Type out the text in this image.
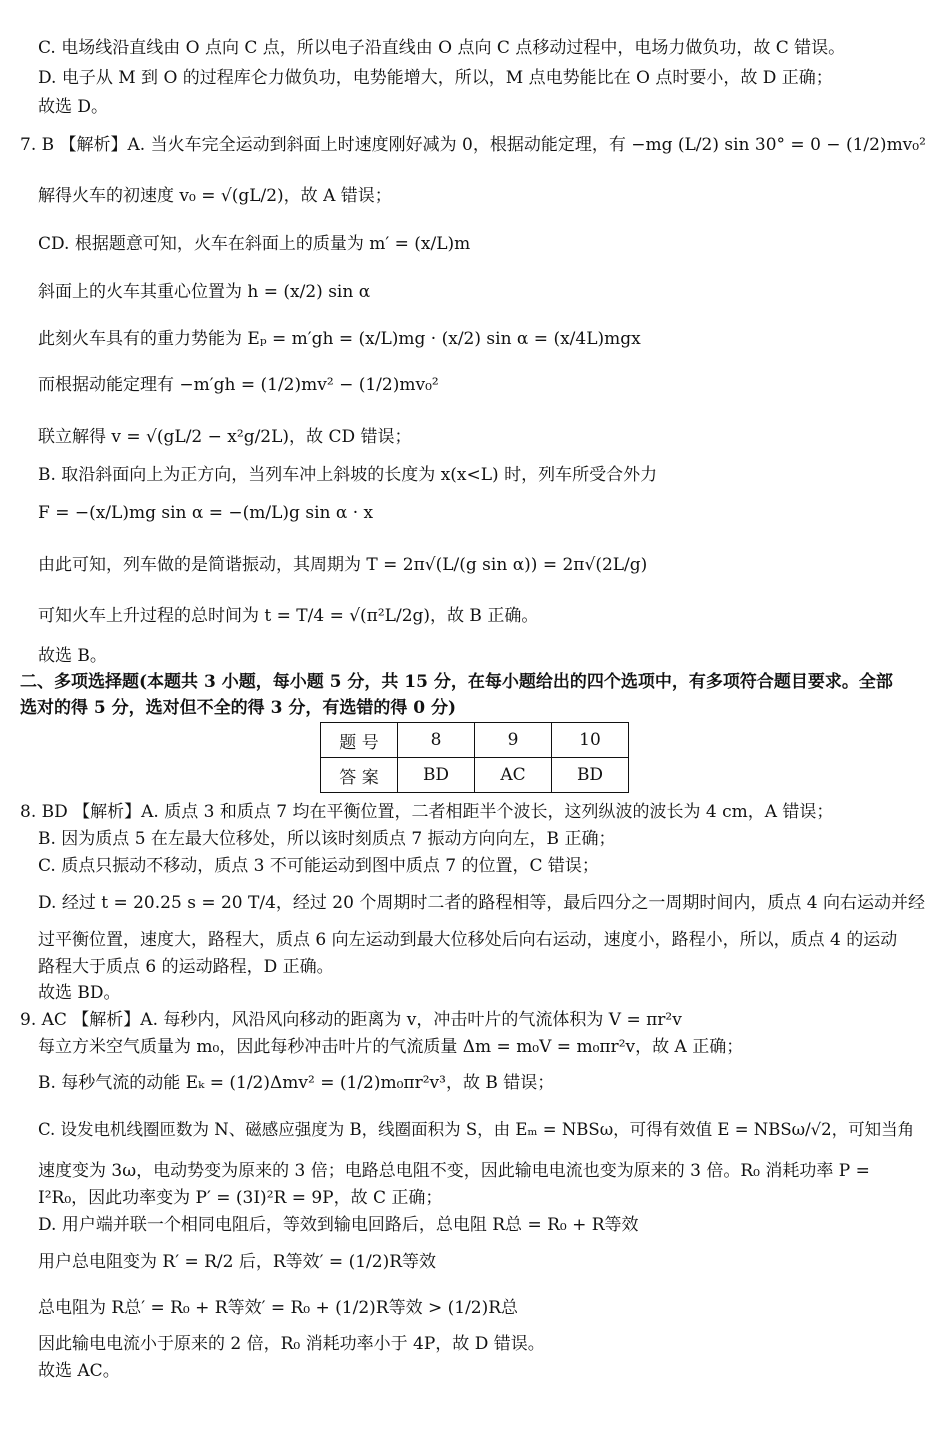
C. 电场线沿直线由 O 点向 C 点，所以电子沿直线由 O 点向 C 点移动过程中，电场力做负功，故 C 错误。
D. 电子从 M 到 O 的过程库仑力做负功，电势能增大，所以，M 点电势能比在 O 点时要小，故 D 正确；
故选 D。
7. B 【解析】A. 当火车完全运动到斜面上时速度刚好减为 0，根据动能定理，有 −mg (L/2) sin 30° = 0 − (1/2)mv₀²
解得火车的初速度 v₀ = √(gL/2)，故 A 错误；
CD. 根据题意可知，火车在斜面上的质量为 m′ = (x/L)m
斜面上的火车其重心位置为 h = (x/2) sin α
此刻火车具有的重力势能为 Eₚ = m′gh = (x/L)mg · (x/2) sin α = (x/4L)mgx
而根据动能定理有 −m′gh = (1/2)mv² − (1/2)mv₀²
联立解得 v = √(gL/2 − x²g/2L)，故 CD 错误；
B. 取沿斜面向上为正方向，当列车冲上斜坡的长度为 x(x<L) 时，列车所受合外力
F = −(x/L)mg sin α = −(m/L)g sin α · x
由此可知，列车做的是简谐振动，其周期为 T = 2π√(L/(g sin α)) = 2π√(2L/g)
可知火车上升过程的总时间为 t = T/4 = √(π²L/2g)，故 B 正确。
故选 B。
二、多项选择题(本题共 3 小题，每小题 5 分，共 15 分，在每小题给出的四个选项中，有多项符合题目要求。全部
选对的得 5 分，选对但不全的得 3 分，有选错的得 0 分)
8. BD 【解析】A. 质点 3 和质点 7 均在平衡位置，二者相距半个波长，这列纵波的波长为 4 cm，A 错误；
B. 因为质点 5 在左最大位移处，所以该时刻质点 7 振动方向向左，B 正确；
C. 质点只振动不移动，质点 3 不可能运动到图中质点 7 的位置，C 错误；
D. 经过 t = 20.25 s = 20 T/4，经过 20 个周期时二者的路程相等，最后四分之一周期时间内，质点 4 向右运动并经
过平衡位置，速度大，路程大，质点 6 向左运动到最大位移处后向右运动，速度小，路程小，所以，质点 4 的运动
路程大于质点 6 的运动路程，D 正确。
故选 BD。
9. AC 【解析】A. 每秒内，风沿风向移动的距离为 v，冲击叶片的气流体积为 V = πr²v
每立方米空气质量为 m₀，因此每秒冲击叶片的气流质量 Δm = m₀V = m₀πr²v，故 A 正确；
B. 每秒气流的动能 Eₖ = (1/2)Δmv² = (1/2)m₀πr²v³，故 B 错误；
C. 设发电机线圈匝数为 N、磁感应强度为 B，线圈面积为 S，由 Eₘ = NBSω，可得有效值 E = NBSω/√2，可知当角
速度变为 3ω，电动势变为原来的 3 倍；电路总电阻不变，因此输电电流也变为原来的 3 倍。R₀ 消耗功率 P =
I²R₀，因此功率变为 P′ = (3I)²R = 9P，故 C 正确；
D. 用户端并联一个相同电阻后，等效到输电回路后，总电阻 R总 = R₀ + R等效
用户总电阻变为 R′ = R/2 后，R等效′ = (1/2)R等效
总电阻为 R总′ = R₀ + R等效′ = R₀ + (1/2)R等效 > (1/2)R总
因此输电电流小于原来的 2 倍，R₀ 消耗功率小于 4P，故 D 错误。
故选 AC。
题 号	8	9	10
答 案	BD	AC	BD
